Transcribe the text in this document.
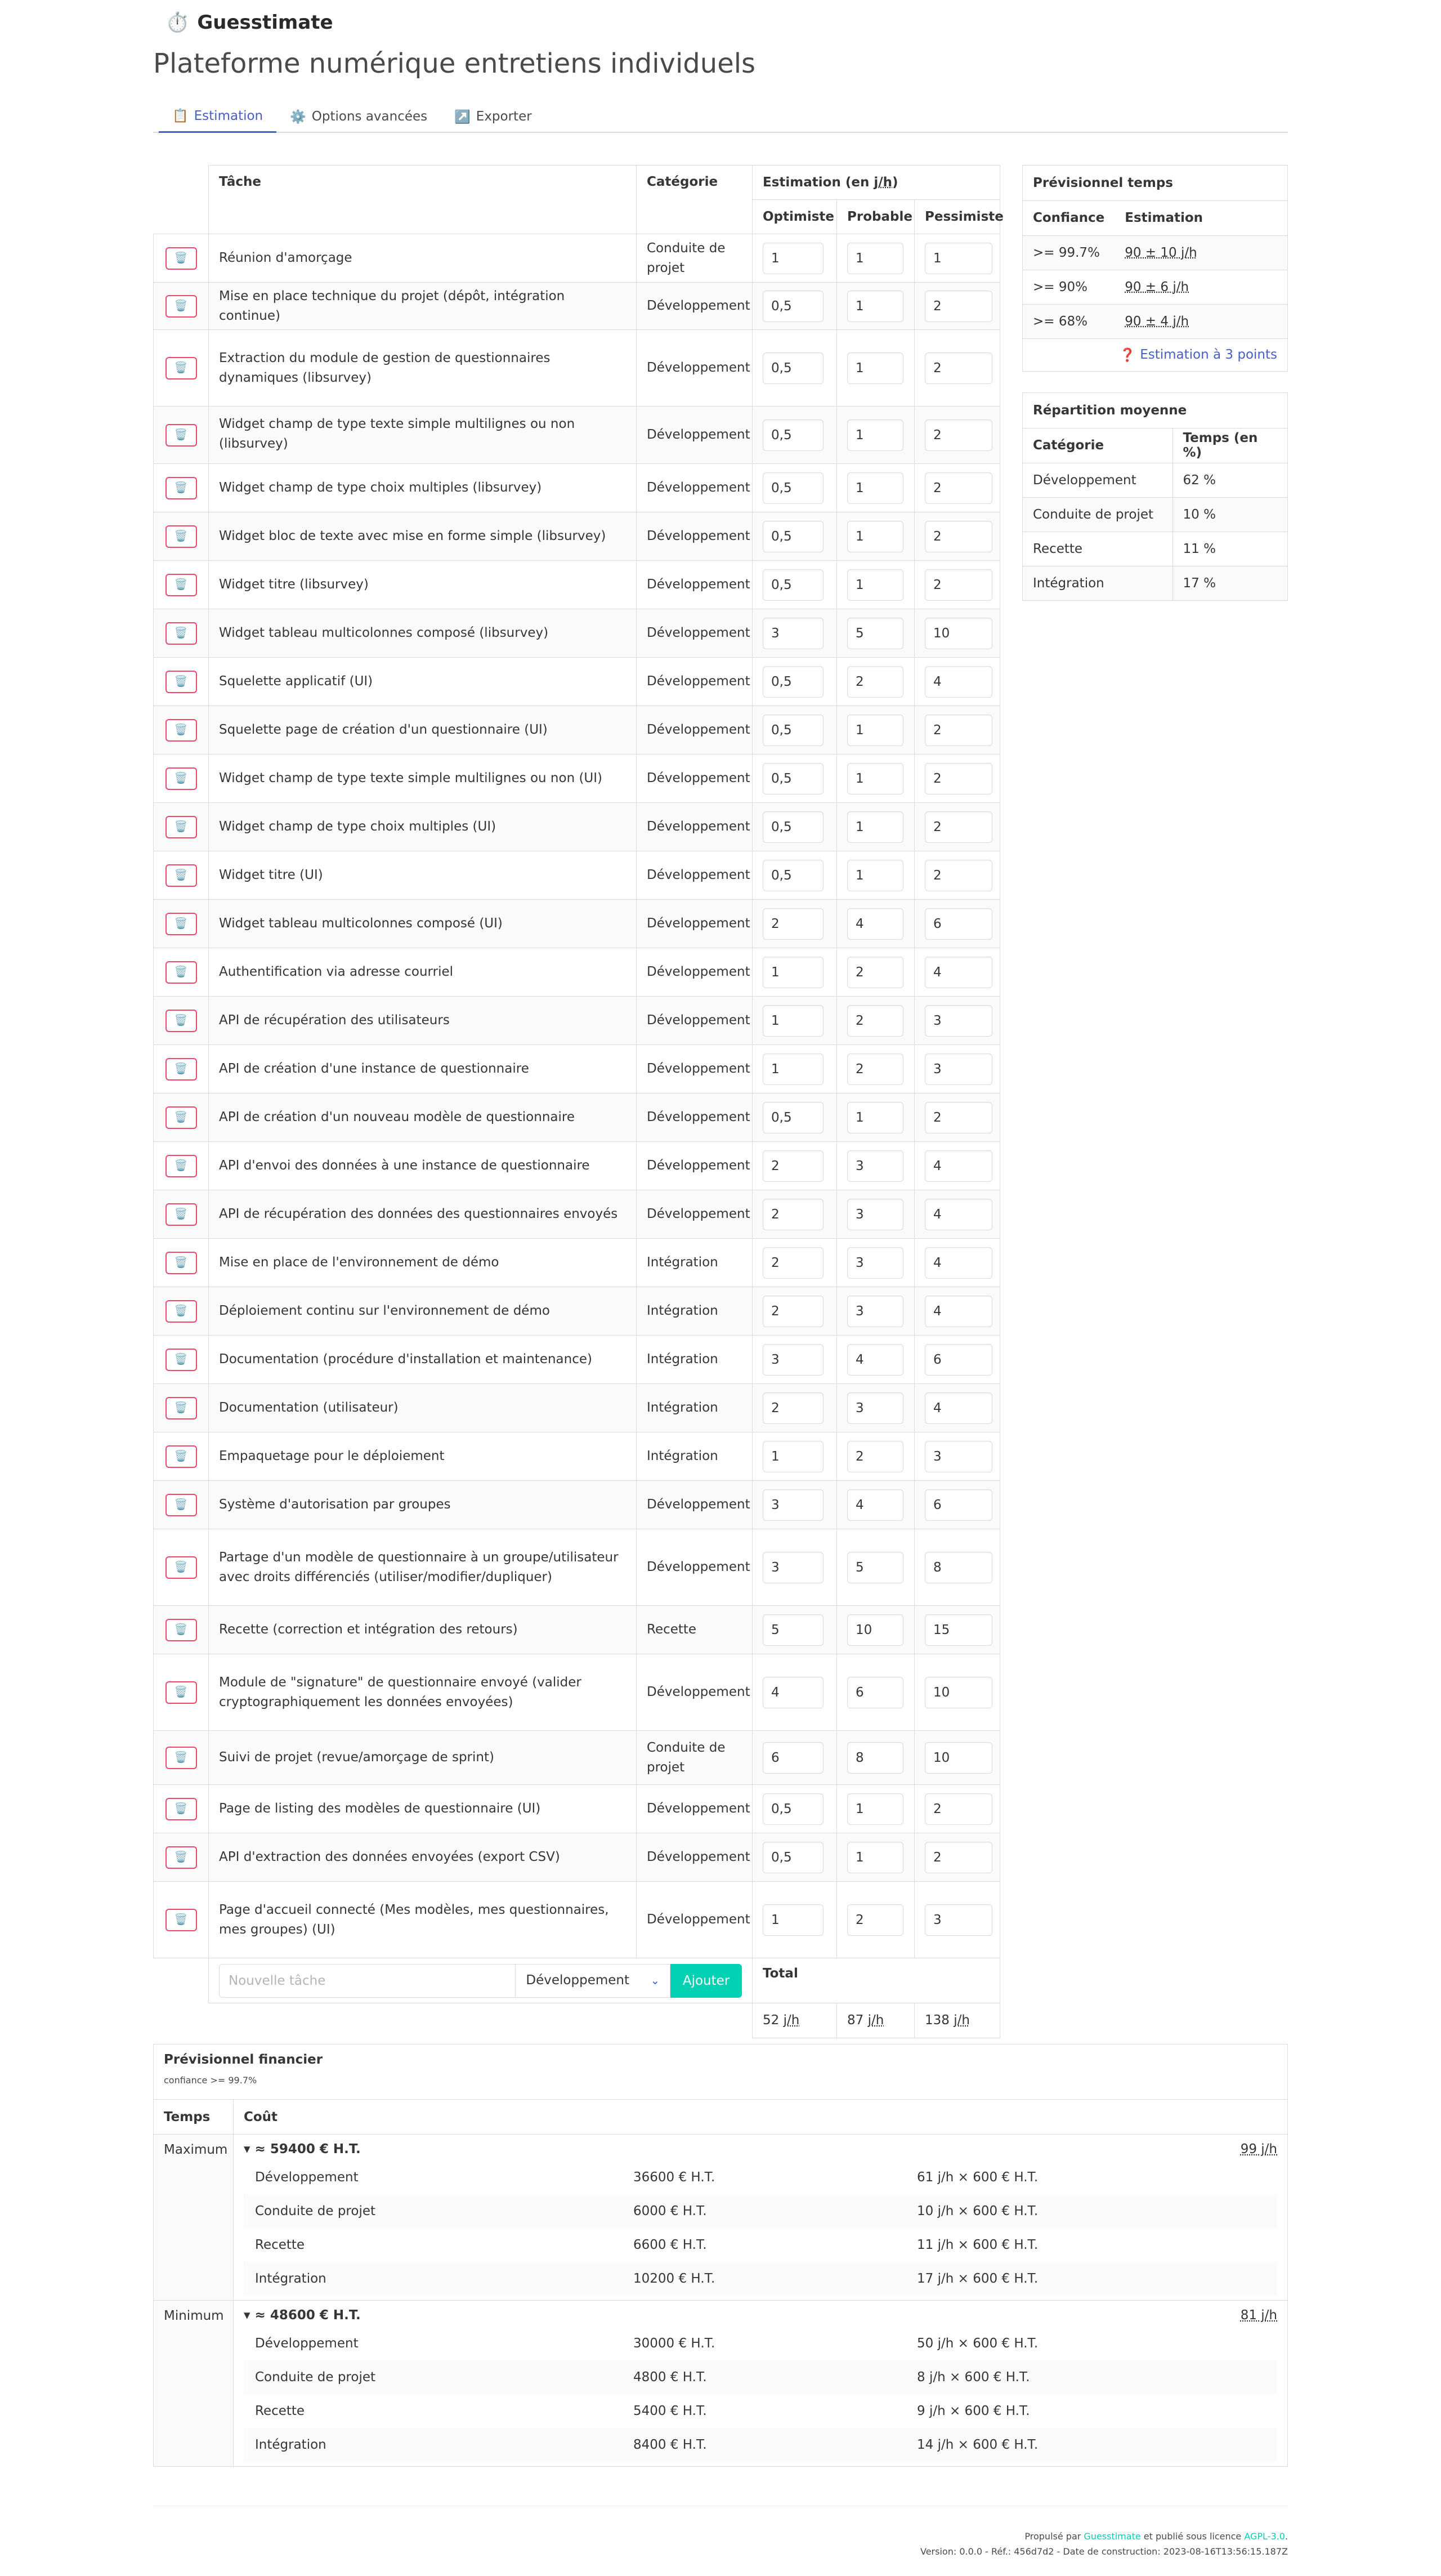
⏱️ Guesstimate
Plateforme numérique entretiens individuels
📋 Estimation ⚙️ Options avancées ↗️ Exporter
	Tâche	Catégorie	Estimation (en j/h)		
			Optimiste	Probable	Pessimiste

🗑️	Réunion d'amorçage	Conduite de projet	1	1	1

🗑️	Mise en place technique du projet (dépôt, intégration continue)	Développement	0,5	1	2

🗑️	Extraction du module de gestion de questionnaires dynamiques (libsurvey)	Développement	0,5	1	2

🗑️	Widget champ de type texte simple multilignes ou non (libsurvey)	Développement	0,5	1	2

🗑️	Widget champ de type choix multiples (libsurvey)	Développement	0,5	1	2

🗑️	Widget bloc de texte avec mise en forme simple (libsurvey)	Développement	0,5	1	2

🗑️	Widget titre (libsurvey)	Développement	0,5	1	2

🗑️	Widget tableau multicolonnes composé (libsurvey)	Développement	3	5	10

🗑️	Squelette applicatif (UI)	Développement	0,5	2	4

🗑️	Squelette page de création d'un questionnaire (UI)	Développement	0,5	1	2

🗑️	Widget champ de type texte simple multilignes ou non (UI)	Développement	0,5	1	2

🗑️	Widget champ de type choix multiples (UI)	Développement	0,5	1	2

🗑️	Widget titre (UI)	Développement	0,5	1	2

🗑️	Widget tableau multicolonnes composé (UI)	Développement	2	4	6

🗑️	Authentification via adresse courriel	Développement	1	2	4

🗑️	API de récupération des utilisateurs	Développement	1	2	3

🗑️	API de création d'une instance de questionnaire	Développement	1	2	3

🗑️	API de création d'un nouveau modèle de questionnaire	Développement	0,5	1	2

🗑️	API d'envoi des données à une instance de questionnaire	Développement	2	3	4

🗑️	API de récupération des données des questionnaires envoyés	Développement	2	3	4

🗑️	Mise en place de l'environnement de démo	Intégration	2	3	4

🗑️	Déploiement continu sur l'environnement de démo	Intégration	2	3	4

🗑️	Documentation (procédure d'installation et maintenance)	Intégration	3	4	6

🗑️	Documentation (utilisateur)	Intégration	2	3	4

🗑️	Empaquetage pour le déploiement	Intégration	1	2	3

🗑️	Système d'autorisation par groupes	Développement	3	4	6

🗑️	Partage d'un modèle de questionnaire à un groupe/utilisateur avec droits différenciés (utiliser/modifier/dupliquer)	Développement	3	5	8

🗑️	Recette (correction et intégration des retours)	Recette	5	10	15

🗑️	Module de "signature" de questionnaire envoyé (valider cryptographiquement les données envoyées)	Développement	4	6	10

🗑️	Suivi de projet (revue/amorçage de sprint)	Conduite de projet	6	8	10

🗑️	Page de listing des modèles de questionnaire (UI)	Développement	0,5	1	2

🗑️	API d'extraction des données envoyées (export CSV)	Développement	0,5	1	2

🗑️	Page d'accueil connecté (Mes modèles, mes questionnaires, mes groupes) (UI)	Développement	1	2	3

Nouvelle tâche
Développement ⌄ Ajouter		Total		
			52 j/h	87 j/h	138 j/h
Prévisionnel temps
Confiance	Estimation
>= 99.7%	90 ± 10 j/h
>= 90%	90 ± 6 j/h
>= 68%	90 ± 4 j/h
❓ Estimation à 3 points
Répartition moyenne
Catégorie	Temps (en %)
Développement	62 %
Conduite de projet	10 %
Recette	11 %
Intégration	17 %
Prévisionnel financier
confiance >= 99.7%
Temps	Coût
Maximum	▾ ≈ 59400 € H.T.	99 j/h
Développement	36600 € H.T.	61 j/h × 600 € H.T.
Conduite de projet	6000 € H.T.	10 j/h × 600 € H.T.
Recette	6600 € H.T.	11 j/h × 600 € H.T.
Intégration	10200 € H.T.	17 j/h × 600 € H.T.
Minimum	▾ ≈ 48600 € H.T.	81 j/h
Développement	30000 € H.T.	50 j/h × 600 € H.T.
Conduite de projet	4800 € H.T.	8 j/h × 600 € H.T.
Recette	5400 € H.T.	9 j/h × 600 € H.T.
Intégration	8400 € H.T.	14 j/h × 600 € H.T.
Propulsé par Guesstimate et publié sous licence AGPL-3.0.
Version: 0.0.0 - Réf.: 456d7d2 - Date de construction: 2023-08-16T13:56:15.187Z
